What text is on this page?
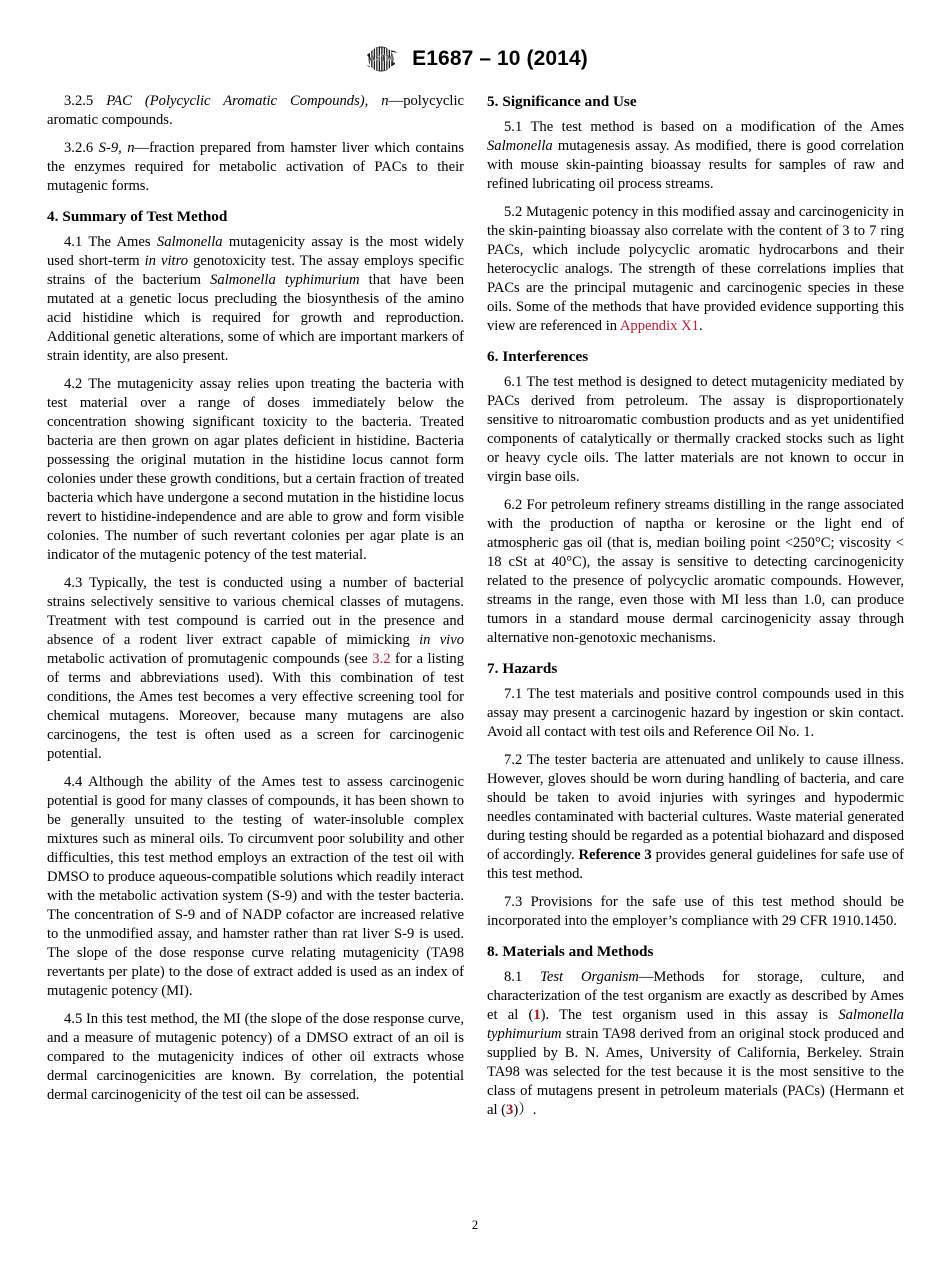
ASTM E1687 – 10 (2014)

3.2.5 PAC (Polycyclic Aromatic Compounds), n—polycyclic aromatic compounds.

3.2.6 S-9, n—fraction prepared from hamster liver which contains the enzymes required for metabolic activation of PACs to their mutagenic forms.

4. Summary of Test Method

4.1 The Ames Salmonella mutagenicity assay is the most widely used short-term in vitro genotoxicity test. The assay employs specific strains of the bacterium Salmonella typhimurium that have been mutated at a genetic locus precluding the biosynthesis of the amino acid histidine which is required for growth and reproduction. Additional genetic alterations, some of which are important markers of strain identity, are also present.

4.2 The mutagenicity assay relies upon treating the bacteria with test material over a range of doses immediately below the concentration showing significant toxicity to the bacteria. Treated bacteria are then grown on agar plates deficient in histidine. Bacteria possessing the original mutation in the histidine locus cannot form colonies under these growth conditions, but a certain fraction of treated bacteria which have undergone a second mutation in the histidine locus revert to histidine-independence and are able to grow and form visible colonies. The number of such revertant colonies per agar plate is an indicator of the mutagenic potency of the test material.

4.3 Typically, the test is conducted using a number of bacterial strains selectively sensitive to various chemical classes of mutagens. Treatment with test compound is carried out in the presence and absence of a rodent liver extract capable of mimicking in vivo metabolic activation of promutagenic compounds (see 3.2 for a listing of terms and abbreviations used). With this combination of test conditions, the Ames test becomes a very effective screening tool for chemical mutagens. Moreover, because many mutagens are also carcinogens, the test is often used as a screen for carcinogenic potential.

4.4 Although the ability of the Ames test to assess carcinogenic potential is good for many classes of compounds, it has been shown to be generally unsuited to the testing of water-insoluble complex mixtures such as mineral oils. To circumvent poor solubility and other difficulties, this test method employs an extraction of the test oil with DMSO to produce aqueous-compatible solutions which readily interact with the metabolic activation system (S-9) and with the tester bacteria. The concentration of S-9 and of NADP cofactor are increased relative to the unmodified assay, and hamster rather than rat liver S-9 is used. The slope of the dose response curve relating mutagenicity (TA98 revertants per plate) to the dose of extract added is used as an index of mutagenic potency (MI).

4.5 In this test method, the MI (the slope of the dose response curve, and a measure of mutagenic potency) of a DMSO extract of an oil is compared to the mutagenicity indices of other oil extracts whose dermal carcinogenicities are known. By correlation, the potential dermal carcinogenicity of the test oil can be assessed.

5. Significance and Use

5.1 The test method is based on a modification of the Ames Salmonella mutagenesis assay. As modified, there is good correlation with mouse skin-painting bioassay results for samples of raw and refined lubricating oil process streams.

5.2 Mutagenic potency in this modified assay and carcinogenicity in the skin-painting bioassay also correlate with the content of 3 to 7 ring PACs, which include polycyclic aromatic hydrocarbons and their heterocyclic analogs. The strength of these correlations implies that PACs are the principal mutagenic and carcinogenic species in these oils. Some of the methods that have provided evidence supporting this view are referenced in Appendix X1.

6. Interferences

6.1 The test method is designed to detect mutagenicity mediated by PACs derived from petroleum. The assay is disproportionately sensitive to nitroaromatic combustion products and as yet unidentified components of catalytically or thermally cracked stocks such as light or heavy cycle oils. The latter materials are not known to occur in virgin base oils.

6.2 For petroleum refinery streams distilling in the range associated with the production of naptha or kerosine or the light end of atmospheric gas oil (that is, median boiling point <250°C; viscosity < 18 cSt at 40°C), the assay is sensitive to detecting carcinogenicity related to the presence of polycyclic aromatic compounds. However, streams in the range, even those with MI less than 1.0, can produce tumors in a standard mouse dermal carcinogenicity assay through alternative non-genotoxic mechanisms.

7. Hazards

7.1 The test materials and positive control compounds used in this assay may present a carcinogenic hazard by ingestion or skin contact. Avoid all contact with test oils and Reference Oil No. 1.

7.2 The tester bacteria are attenuated and unlikely to cause illness. However, gloves should be worn during handling of bacteria, and care should be taken to avoid injuries with syringes and hypodermic needles contaminated with bacterial cultures. Waste material generated during testing should be regarded as a potential biohazard and disposed of accordingly. Reference 3 provides general guidelines for safe use of this test method.

7.3 Provisions for the safe use of this test method should be incorporated into the employer’s compliance with 29 CFR 1910.1450.

8. Materials and Methods

8.1 Test Organism—Methods for storage, culture, and characterization of the test organism are exactly as described by Ames et al (1). The test organism used in this assay is Salmonella typhimurium strain TA98 derived from an original stock produced and supplied by B. N. Ames, University of California, Berkeley. Strain TA98 was selected for the test because it is the most sensitive to the class of mutagens present in petroleum materials (PACs) (Hermann et al (3)）.

2
